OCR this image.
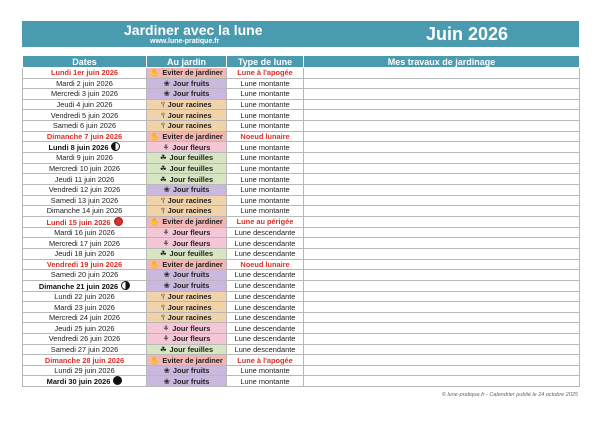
Jardiner avec la lune
www.lune-pratique.fr	Juin 2026
Dates	Au jardin	Type de lune	Mes travaux de jardinage
Lundi 1er juin 2026	✋ Eviter de jardiner	Lune à l'apogée	
Mardi 2 juin 2026	❀ Jour fruits	Lune montante	
Mercredi 3 juin 2026	❀ Jour fruits	Lune montante	
Jeudi 4 juin 2026	⫯ Jour racines	Lune montante	
Vendredi 5 juin 2026	⫯ Jour racines	Lune montante	
Samedi 6 juin 2026	⫯ Jour racines	Lune montante	
Dimanche 7 juin 2026	✋ Eviter de jardiner	Noeud lunaire	
Lundi 8 juin 2026	⚘ Jour fleurs	Lune montante	
Mardi 9 juin 2026	☘ Jour feuilles	Lune montante	
Mercredi 10 juin 2026	☘ Jour feuilles	Lune montante	
Jeudi 11 juin 2026	☘ Jour feuilles	Lune montante	
Vendredi 12 juin 2026	❀ Jour fruits	Lune montante	
Samedi 13 juin 2026	⫯ Jour racines	Lune montante	
Dimanche 14 juin 2026	⫯ Jour racines	Lune montante	
Lundi 15 juin 2026	✋ Eviter de jardiner	Lune au périgée	
Mardi 16 juin 2026	⚘ Jour fleurs	Lune descendante	
Mercredi 17 juin 2026	⚘ Jour fleurs	Lune descendante	
Jeudi 18 juin 2026	☘ Jour feuilles	Lune descendante	
Vendredi 19 juin 2026	✋ Eviter de jardiner	Noeud lunaire	
Samedi 20 juin 2026	❀ Jour fruits	Lune descendante	
Dimanche 21 juin 2026	❀ Jour fruits	Lune descendante	
Lundi 22 juin 2026	⫯ Jour racines	Lune descendante	
Mardi 23 juin 2026	⫯ Jour racines	Lune descendante	
Mercredi 24 juin 2026	⫯ Jour racines	Lune descendante	
Jeudi 25 juin 2026	⚘ Jour fleurs	Lune descendante	
Vendredi 26 juin 2026	⚘ Jour fleurs	Lune descendante	
Samedi 27 juin 2026	☘ Jour feuilles	Lune descendante	
Dimanche 28 juin 2026	✋ Eviter de jardiner	Lune à l'apogée	
Lundi 29 juin 2026	❀ Jour fruits	Lune montante	
Mardi 30 juin 2026	❀ Jour fruits	Lune montante	
© lune-pratique.fr - Calendrier publié le 24 octobre 2025
